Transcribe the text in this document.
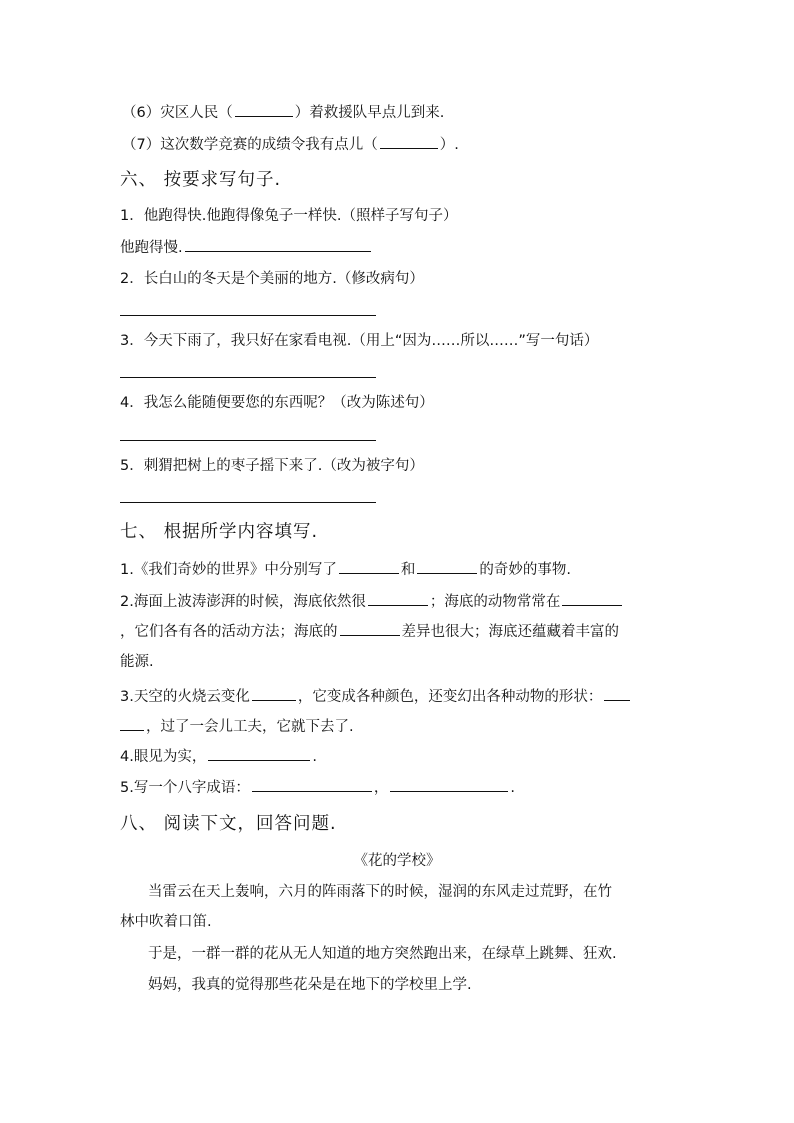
（6）灾区人民（	）着救援队早点儿到来.
（7）这次数学竞赛的成绩令我有点儿（	）.
六、 按要求写句子.
1．他跑得快.他跑得像兔子一样快.（照样子写句子）
他跑得慢.
2．长白山的冬天是个美丽的地方.（修改病句）
3．今天下雨了，我只好在家看电视.（用上“因为……所以……”写一句话）
4．我怎么能随便要您的东西呢？（改为陈述句）
5．刺猬把树上的枣子摇下来了.（改为被字句）
七、 根据所学内容填写.
1.《我们奇妙的世界》中分别写了	和	的奇妙的事物.
2.海面上波涛澎湃的时候，海底依然很	；海底的动物常常在
，它们各有各的活动方法；海底的	差异也很大；海底还蕴藏着丰富的
能源.
3.天空的火烧云变化	，它变成各种颜色，还变幻出各种动物的形状：
，过了一会儿工夫，它就下去了.
4.眼见为实，	.
5.写一个八字成语：	，	.
八、 阅读下文，回答问题.
《花的学校》
当雷云在天上轰响，六月的阵雨落下的时候，湿润的东风走过荒野，在竹
林中吹着口笛.
于是，一群一群的花从无人知道的地方突然跑出来，在绿草上跳舞、狂欢.
妈妈，我真的觉得那些花朵是在地下的学校里上学.
